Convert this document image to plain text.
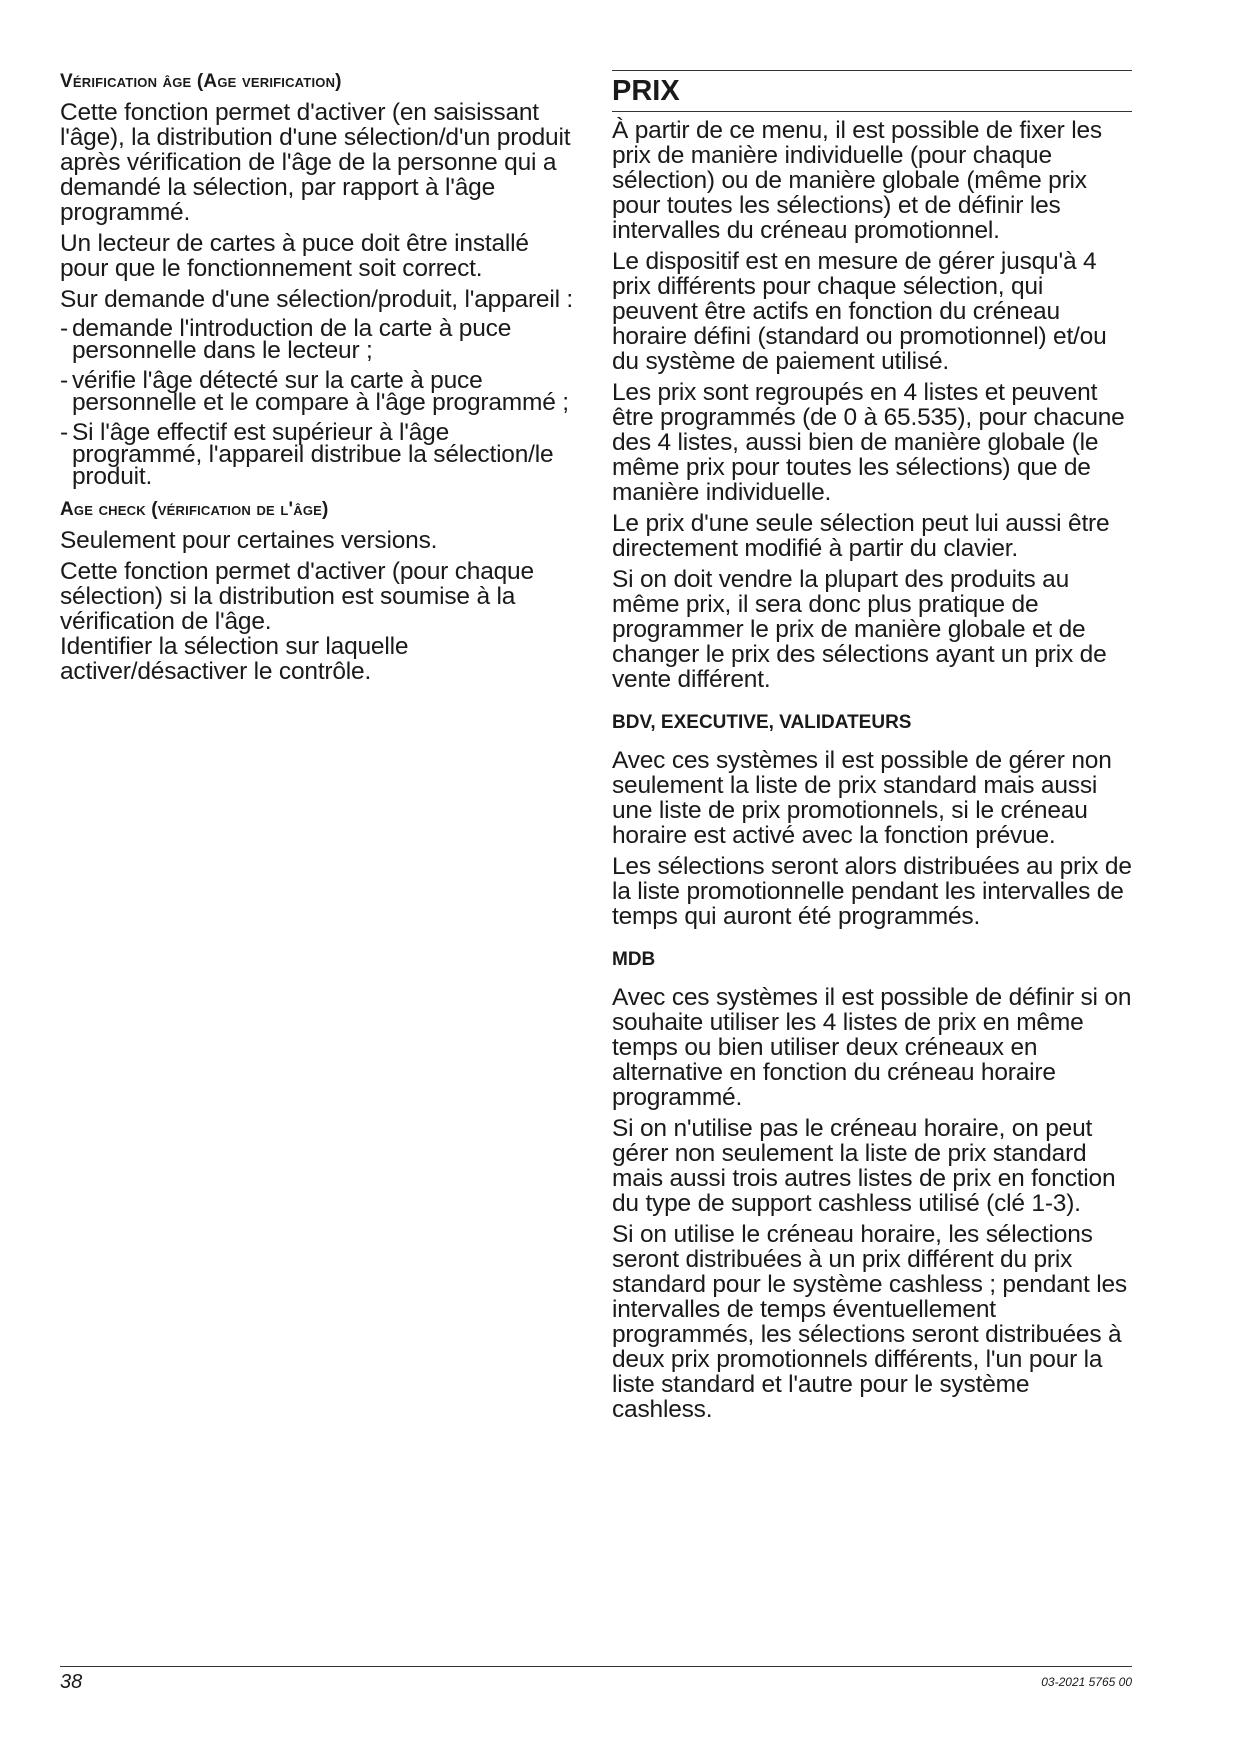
Vérification âge (Age verification)

Cette fonction permet d'activer (en saisissant l'âge), la distribution d'une sélection/d'un produit après vérification de l'âge de la personne qui a demandé la sélection, par rapport à l'âge programmé.

Un lecteur de cartes à puce doit être installé pour que le fonctionnement soit correct.

Sur demande d'une sélection/produit, l'appareil :

- demande l'introduction de la carte à puce personnelle dans le lecteur ;
- vérifie l'âge détecté sur la carte à puce personnelle et le compare à l'âge programmé ;
- Si l'âge effectif est supérieur à l'âge programmé, l'appareil distribue la sélection/le produit.
Age check (vérification de l'âge)

Seulement pour certaines versions.

Cette fonction permet d'activer (pour chaque sélection) si la distribution est soumise à la vérification de l'âge.

Identifier la sélection sur laquelle activer/désactiver le contrôle.

PRIX

À partir de ce menu, il est possible de fixer les prix de manière individuelle (pour chaque sélection) ou de manière globale (même prix pour toutes les sélections) et de définir les intervalles du créneau promotionnel.

Le dispositif est en mesure de gérer jusqu'à 4 prix différents pour chaque sélection, qui peuvent être actifs en fonction du créneau horaire défini (standard ou promotionnel) et/ou du système de paiement utilisé.

Les prix sont regroupés en 4 listes et peuvent être programmés (de 0 à 65.535), pour chacune des 4 listes, aussi bien de manière globale (le même prix pour toutes les sélections) que de manière individuelle.

Le prix d'une seule sélection peut lui aussi être directement modifié à partir du clavier.

Si on doit vendre la plupart des produits au même prix, il sera donc plus pratique de programmer le prix de manière globale et de changer le prix des sélections ayant un prix de vente différent.

BDV, EXECUTIVE, VALIDATEURS

Avec ces systèmes il est possible de gérer non seulement la liste de prix standard mais aussi une liste de prix promotionnels, si le créneau horaire est activé avec la fonction prévue.

Les sélections seront alors distribuées au prix de la liste promotionnelle pendant les intervalles de temps qui auront été programmés.

MDB

Avec ces systèmes il est possible de définir si on souhaite utiliser les 4 listes de prix en même temps ou bien utiliser deux créneaux en alternative en fonction du créneau horaire programmé.

Si on n'utilise pas le créneau horaire, on peut gérer non seulement la liste de prix standard mais aussi trois autres listes de prix en fonction du type de support cashless utilisé (clé 1-3).

Si on utilise le créneau horaire, les sélections seront distribuées à un prix différent du prix standard pour le système cashless ; pendant les intervalles de temps éventuellement programmés, les sélections seront distribuées à deux prix promotionnels différents, l'un pour la liste standard et l'autre pour le système cashless.

38	03-2021 5765 00
